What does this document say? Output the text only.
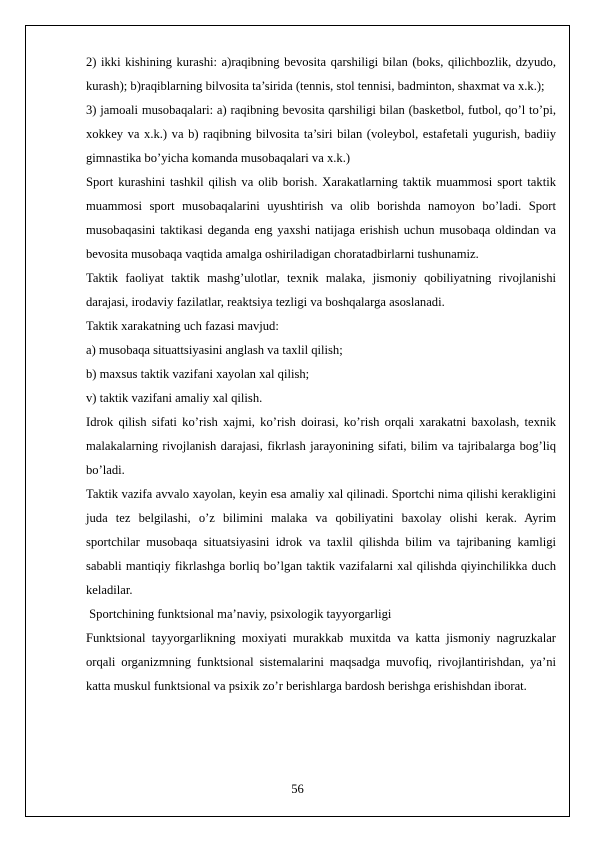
2) ikki kishining kurashi: a)raqibning bevosita qarshiligi bilan (boks, qilichbozlik, dzyudo, kurash); b)raqiblarning bilvosita ta’sirida (tennis, stol tennisi, badminton, shaxmat va x.k.);

3) jamoali musobaqalari: a) raqibning bevosita qarshiligi bilan (basketbol, futbol, qo’l to’pi, xokkey va x.k.) va b) raqibning bilvosita ta’siri bilan (voleybol, estafetali yugurish, badiiy gimnastika bo’yicha komanda musobaqalari va x.k.)

Sport kurashini tashkil qilish va olib borish. Xarakatlarning taktik muammosi sport taktik muammosi sport musobaqalarini uyushtirish va olib borishda namoyon bo’ladi. Sport musobaqasini taktikasi deganda eng yaxshi natijaga erishish uchun musobaqa oldindan va bevosita musobaqa vaqtida amalga oshiriladigan choratadbirlarni tushunamiz.

Taktik faoliyat taktik mashg’ulotlar, texnik malaka, jismoniy qobiliyatning rivojlanishi darajasi, irodaviy fazilatlar, reaktsiya tezligi va boshqalarga asoslanadi.

Taktik xarakatning uch fazasi mavjud:

a) musobaqa situattsiyasini anglash va taxlil qilish;

b) maxsus taktik vazifani xayolan xal qilish;

v) taktik vazifani amaliy xal qilish.

Idrok qilish sifati ko’rish xajmi, ko’rish doirasi, ko’rish orqali xarakatni baxolash, texnik malakalarning rivojlanish darajasi, fikrlash jarayonining sifati, bilim va tajribalarga bog’liq bo’ladi.

Taktik vazifa avvalo xayolan, keyin esa amaliy xal qilinadi. Sportchi nima qilishi kerakligini juda tez belgilashi, o’z bilimini malaka va qobiliyatini baxolay olishi kerak. Ayrim sportchilar musobaqa situatsiyasini idrok va taxlil qilishda bilim va tajribaning kamligi sababli mantiqiy fikrlashga borliq bo’lgan taktik vazifalarni xal qilishda qiyinchilikka duch keladilar.

Sportchining funktsional ma’naviy, psixologik tayyorgarligi

Funktsional tayyorgarlikning moxiyati murakkab muxitda va katta jismoniy nagruzkalar orqali organizmning funktsional sistemalarini maqsadga muvofiq, rivojlantirishdan, ya’ni katta muskul funktsional va psixik zo’r berishlarga bardosh berishga erishishdan iborat.

56
